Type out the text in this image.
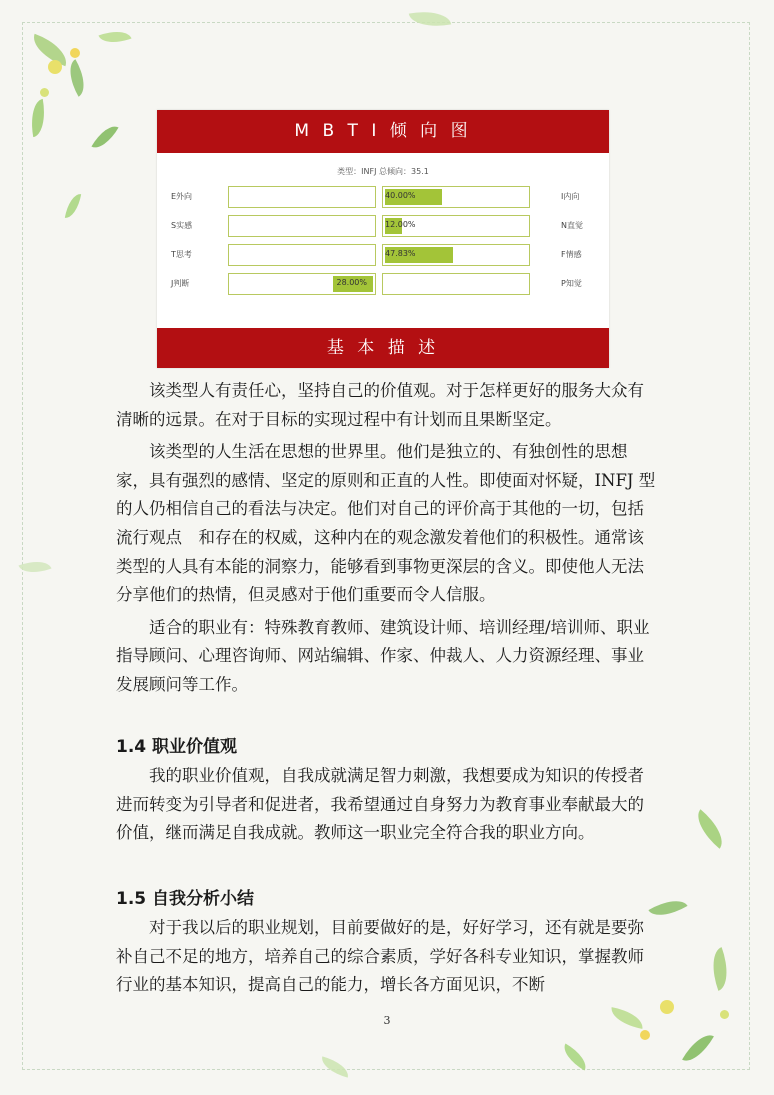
M B T I 倾 向 图
类型：INFJ 总倾向：35.1
E外向	40.00%	I内向
S实感	12.00%	N直觉
T思考	47.83%	F情感
J判断	28.00%	P知觉
基 本 描 述

该类型人有责任心，坚持自己的价值观。对于怎样更好的服务大众有清晰的远景。在对于目标的实现过程中有计划而且果断坚定。

该类型的人生活在思想的世界里。他们是独立的、有独创性的思想家，具有强烈的感情、坚定的原则和正直的人性。即使面对怀疑，INFJ 型的人仍相信自己的看法与决定。他们对自己的评价高于其他的一切，包括流行观点　和存在的权威，这种内在的观念激发着他们的积极性。通常该类型的人具有本能的洞察力，能够看到事物更深层的含义。即使他人无法分享他们的热情，但灵感对于他们重要而令人信服。

适合的职业有：特殊教育教师、建筑设计师、培训经理/培训师、职业指导顾问、心理咨询师、网站编辑、作家、仲裁人、人力资源经理、事业发展顾问等工作。

1.4 职业价值观

我的职业价值观，自我成就满足智力刺激，我想要成为知识的传授者进而转变为引导者和促进者，我希望通过自身努力为教育事业奉献最大的价值，继而满足自我成就。教师这一职业完全符合我的职业方向。

1.5 自我分析小结

对于我以后的职业规划，目前要做好的是，好好学习，还有就是要弥补自己不足的地方，培养自己的综合素质，学好各科专业知识，掌握教师行业的基本知识，提高自己的能力，增长各方面见识，不断

3
